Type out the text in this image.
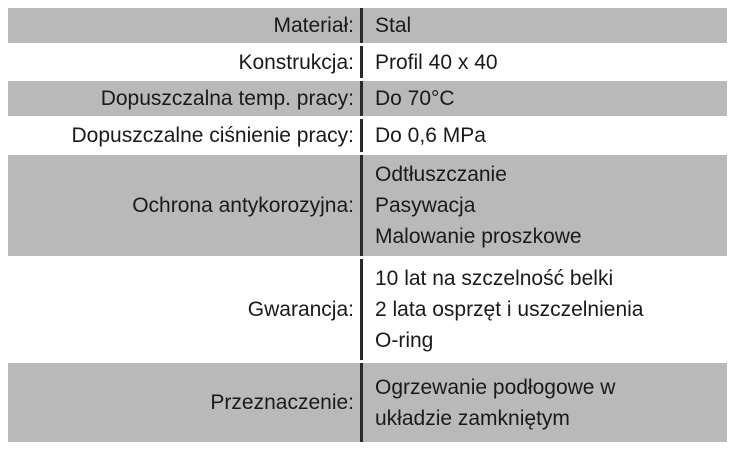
Materiał: Stal
Konstrukcja: Profil 40 x 40
Dopuszczalna temp. pracy: Do 70°C
Dopuszczalne ciśnienie pracy: Do 0,6 MPa
Ochrona antykorozyjna:
Odtłuszczanie
Pasywacja
Malowanie proszkowe
Gwarancja:
10 lat na szczelność belki
2 lata osprzęt i uszczelnienia
O-ring
Przeznaczenie:
Ogrzewanie podłogowe w
układzie zamkniętym
